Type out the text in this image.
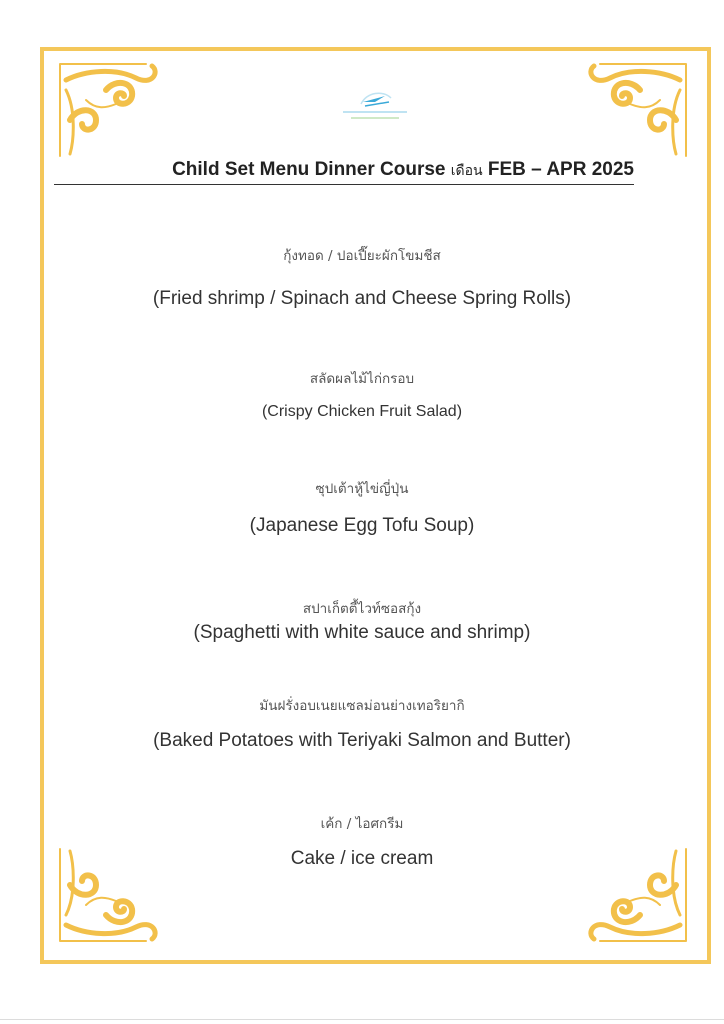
Child Set Menu Dinner Course เดือน FEB – APR 2025
กุ้งทอด / ปอเปี๊ยะผักโขมชีส
(Fried shrimp / Spinach and Cheese Spring Rolls)
สลัดผลไม้ไก่กรอบ
(Crispy Chicken Fruit Salad)
ซุปเต้าหู้ไข่ญี่ปุ่น
(Japanese Egg Tofu Soup)
สปาเก็ตตี้ไวท์ซอสกุ้ง
(Spaghetti with white sauce and shrimp)
มันฝรั่งอบเนยแซลม่อนย่างเทอริยากิ
(Baked Potatoes with Teriyaki Salmon and Butter)
เค้ก / ไอศกรีม
Cake / ice cream
